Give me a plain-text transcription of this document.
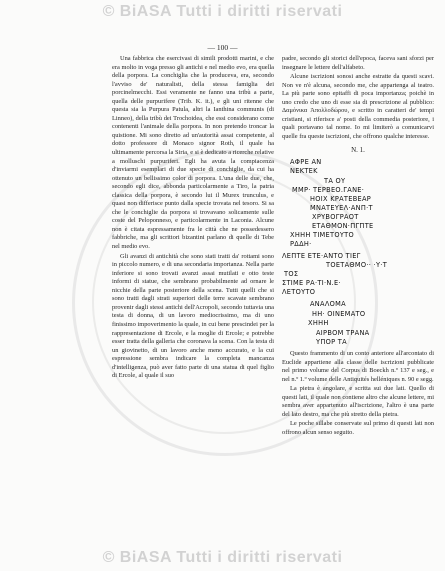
© BiASA Tutti i diritti riservati
— 100 —

Una fabbrica che esercivasi di simili prodotti marini, e che era molto in voga presso gli antichi e nel medio evo, era quella della porpora. La conchiglia che la produceva, era, secondo l'avviso de' naturalisti, della stessa famiglia dei porcinelmecchi. Essi veramente ne fanno una tribù a parte, quella delle purpurifere (Trib. K. it.), e gli uni ritenne che questa sia la Purpura Patula, altri la Ianthina communis (di Linneo), della tribù dei Trochoidea, che essi considerano come contenenti l'animale della porpora. In non pretendo troncar la quistione. Mi sono diretto ad un'autorità assai competente, al dotto professore di Monaco signor Roth, il quale ha ultimamente percorsa la Siria, e si è dedicato a ricerche relative a molluschi purpuriferi. Egli ha avuta la compiacenza d'inviarmi esemplari di due specie di conchiglie, da cui ha ottenuto un bellissimo color di porpora. L'una delle due, che, secondo egli dice, abbonda particolarmente a Tiro, la patria classica della porpora, è secondo lui il Murex trunculus, e quasi non differisce punto dalla specie trovata nel tesoro. Si sa che le conchiglie da porpora si trovavano solicamente sulle coste del Peloponneso, e particolarmente in Laconia. Alcune non è citata espressamente fra le città che ne possedessero fabbriche, ma gli scrittori bizantini parlano di quelle di Tebe nel medio evo.

Gli avanzi di antichità che sono stati tratti da' rottami sono in piccolo numero, e di una secondaria importanza. Nella parte inferiore si sono trovati avanzi assai mutilati e otto teste informi di statue, che sembrano probabilmente ad ornare le nicchie della parte posteriore della scena. Tutti quelli che si sono tratti dagli strati superiori delle terre scavate sembrano provenir dagli stessi antichi dell'Acropoli, secondo tuttavia una testa di donna, di un lavoro mediocrissimo, ma di uno finissimo impoverimento la quale, in cui bene prescindei per la rappresentazione di Ercole, e la moglie di Ercole; e potrebbe esser tratta della galleria che coronava la scena. Con la testa di un giovinetto, di un lavoro anche meno accurato, e la cui espressione sembra indicare la completa mancanza d'intelligenza, può aver fatto parte di una statua di quel figlio di Ercole, al quale il suo

padre, secondo gli storici dell'epoca, faceva sani sforzi per insegnare le lettere dell'alfabeto.

Alcune iscrizioni sonosi anche estratte da questi scavi. Non ve n'è alcuna, secondo me, che appartenga al teatro. La più parte sono epitaffi di poca importanza; poichè in uno credo che uno di esse sia di prescrizione al pubblico: Δαμόνικα Ἀπολλοδώρου, e scritto in caratteri de' tempi cristiani, si riferisce a' posti della commedia posteriore, i quali portavano tal nome. Io mi limiterò a comunicarvi quelle fra queste iscrizioni, che offrono qualche interesse.

N. 1.
ΑΦΡΕ ΑΝ
ΝΕΚΤΕΚ
ΤΑ ΟΥ
ΜΜΡ· ΤΕΡΒΕΟ.ΓΑΝΕ·
ΗΟΙΧ ΚΡΑΤΕΒΕΑΡ
ΜΝΑΤΕΥΕΛ·ΑΝΠ·Τ
ΧΡΥΒΟΓΡΑΟΤ
ΕΤΑΘΜΟΝ·ΠΓΠΤΕ
ΧΗΗΗ ΤΙΜΕΤΟΥΤΟ
ΡΔΔΗ·
ΛΕΠΤΕ ΕΤΕ·ΑΝΤΟ ΤΙΕΓ
ΤΟΕΤΑΘΜΟ·· ·Υ·Τ
ΤΟΣ
ΣΤΙΜΕ ΡΑ·ΤΙ·Ν.Ε·
ΛΕΤΟΥΤΟ
ΑΝΑΛΟΜΑ
ΗΗ· ΟΙΝΕΜΑΤΟ
ΧΗΗΗ
ΑΙΡΒΟΜ ΤΡΑΝΑ
ΥΠΟΡ ΤΑ

Questo frammento di un conto anteriore all'arcontato di Euclide appartiene alla classe delle iscrizioni pubblicate nel primo volume del Corpus di Boeckh n.º 137 e seg., e nel n.º 1.º volume delle Antiquités helléniques n. 90 e segg.

La pietra è angolare, e scritta sui due lati. Quello di questi lati, il quale non contiene altro che alcune lettere, mi sembra aver appartenuto all'iscrizione, l'altro è una parte del lato destro, ma che più stretto della pietra.

Le poche sillabe conservate sul primo di questi lati non offrono alcun senso seguito.

© BiASA Tutti i diritti riservati
